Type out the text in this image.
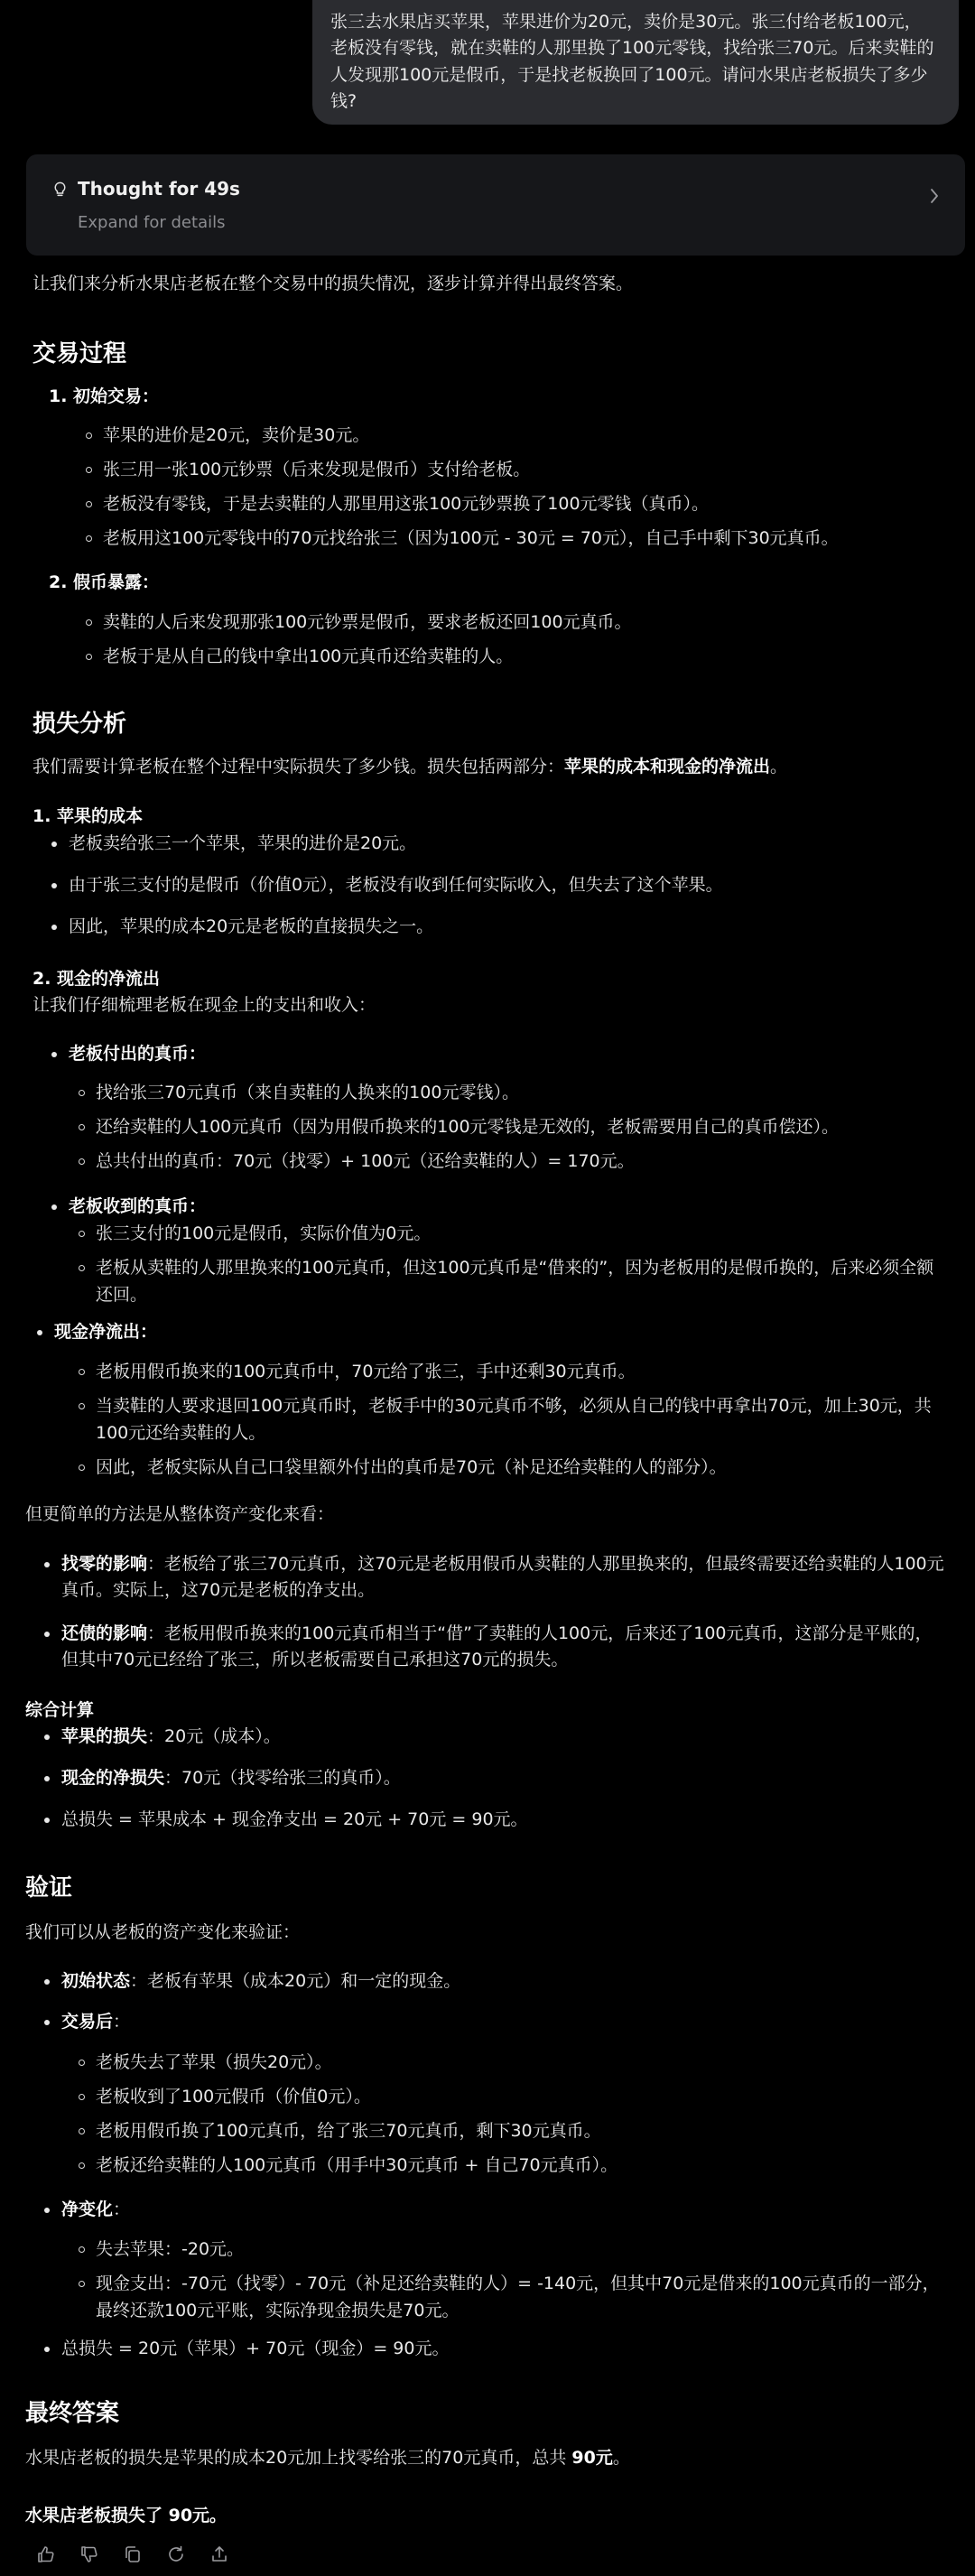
张三去水果店买苹果，苹果进价为20元，卖价是30元。张三付给老板100元，老板没有零钱，就在卖鞋的人那里换了100元零钱，找给张三70元。后来卖鞋的人发现那100元是假币，于是找老板换回了100元。请问水果店老板损失了多少钱?
Thought for 49s
Expand for details

让我们来分析水果店老板在整个交易中的损失情况，逐步计算并得出最终答案。

交易过程
1. 初始交易：
苹果的进价是20元，卖价是30元。
张三用一张100元钞票（后来发现是假币）支付给老板。
老板没有零钱，于是去卖鞋的人那里用这张100元钞票换了100元零钱（真币）。
老板用这100元零钱中的70元找给张三（因为100元 - 30元 = 70元），自己手中剩下30元真币。
2. 假币暴露：
卖鞋的人后来发现那张100元钞票是假币，要求老板还回100元真币。
老板于是从自己的钱中拿出100元真币还给卖鞋的人。
损失分析

我们需要计算老板在整个过程中实际损失了多少钱。损失包括两部分：苹果的成本和现金的净流出。

1. 苹果的成本
老板卖给张三一个苹果，苹果的进价是20元。
由于张三支付的是假币（价值0元），老板没有收到任何实际收入，但失去了这个苹果。
因此，苹果的成本20元是老板的直接损失之一。
2. 现金的净流出

让我们仔细梳理老板在现金上的支出和收入：

老板付出的真币：
找给张三70元真币（来自卖鞋的人换来的100元零钱）。
还给卖鞋的人100元真币（因为用假币换来的100元零钱是无效的，老板需要用自己的真币偿还）。
总共付出的真币：70元（找零）+ 100元（还给卖鞋的人）= 170元。
老板收到的真币：
张三支付的100元是假币，实际价值为0元。
老板从卖鞋的人那里换来的100元真币，但这100元真币是“借来的”，因为老板用的是假币换的，后来必须全额还回。
现金净流出：
老板用假币换来的100元真币中，70元给了张三，手中还剩30元真币。
当卖鞋的人要求退回100元真币时，老板手中的30元真币不够，必须从自己的钱中再拿出70元，加上30元，共100元还给卖鞋的人。
因此，老板实际从自己口袋里额外付出的真币是70元（补足还给卖鞋的人的部分）。

但更简单的方法是从整体资产变化来看：

找零的影响：老板给了张三70元真币，这70元是老板用假币从卖鞋的人那里换来的，但最终需要还给卖鞋的人100元真币。实际上，这70元是老板的净支出。
还债的影响：老板用假币换来的100元真币相当于“借”了卖鞋的人100元，后来还了100元真币，这部分是平账的，但其中70元已经给了张三，所以老板需要自己承担这70元的损失。
综合计算
苹果的损失：20元（成本）。
现金的净损失：70元（找零给张三的真币）。
总损失 = 苹果成本 + 现金净支出 = 20元 + 70元 = 90元。
验证

我们可以从老板的资产变化来验证：

初始状态：老板有苹果（成本20元）和一定的现金。
交易后：
老板失去了苹果（损失20元）。
老板收到了100元假币（价值0元）。
老板用假币换了100元真币，给了张三70元真币，剩下30元真币。
老板还给卖鞋的人100元真币（用手中30元真币 + 自己70元真币）。
净变化：
失去苹果：-20元。
现金支出：-70元（找零）- 70元（补足还给卖鞋的人）= -140元，但其中70元是借来的100元真币的一部分，最终还款100元平账，实际净现金损失是70元。
总损失 = 20元（苹果）+ 70元（现金）= 90元。
最终答案

水果店老板的损失是苹果的成本20元加上找零给张三的70元真币，总共 90元。

水果店老板损失了 90元。
